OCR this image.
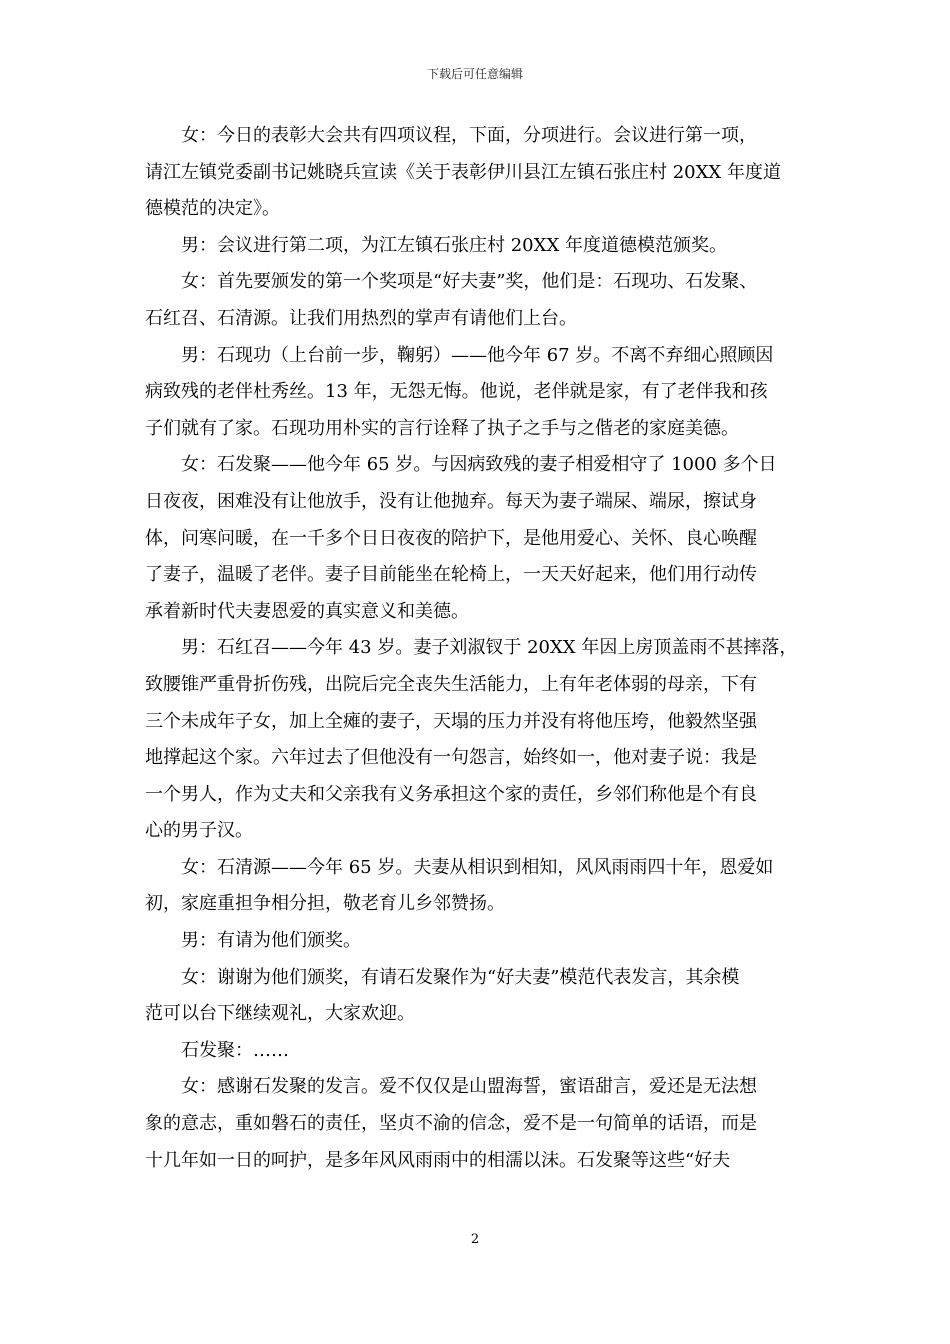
下载后可任意编辑
女：今日的表彰大会共有四项议程，下面，分项进行。会议进行第一项，
请江左镇党委副书记姚晓兵宣读《关于表彰伊川县江左镇石张庄村 20XX 年度道
德模范的决定》。
男：会议进行第二项，为江左镇石张庄村 20XX 年度道德模范颁奖。
女：首先要颁发的第一个奖项是“好夫妻”奖，他们是：石现功、石发聚、
石红召、石清源。让我们用热烈的掌声有请他们上台。
男：石现功（上台前一步，鞠躬）——他今年 67 岁。不离不弃细心照顾因
病致残的老伴杜秀丝。13 年，无怨无悔。他说，老伴就是家，有了老伴我和孩
子们就有了家。石现功用朴实的言行诠释了执子之手与之偕老的家庭美德。
女：石发聚——他今年 65 岁。与因病致残的妻子相爱相守了 1000 多个日
日夜夜，困难没有让他放手，没有让他抛弃。每天为妻子端屎、端尿，擦试身
体，问寒问暖，在一千多个日日夜夜的陪护下，是他用爱心、关怀、良心唤醒
了妻子，温暖了老伴。妻子目前能坐在轮椅上，一天天好起来，他们用行动传
承着新时代夫妻恩爱的真实意义和美德。
男：石红召——今年 43 岁。妻子刘淑钗于 20XX 年因上房顶盖雨不甚摔落，
致腰锥严重骨折伤残，出院后完全丧失生活能力，上有年老体弱的母亲，下有
三个未成年子女，加上全瘫的妻子，天塌的压力并没有将他压垮，他毅然坚强
地撑起这个家。六年过去了但他没有一句怨言，始终如一，他对妻子说：我是
一个男人，作为丈夫和父亲我有义务承担这个家的责任，乡邻们称他是个有良
心的男子汉。
女：石清源——今年 65 岁。夫妻从相识到相知，风风雨雨四十年，恩爱如
初，家庭重担争相分担，敬老育儿乡邻赞扬。
男：有请为他们颁奖。
女：谢谢为他们颁奖，有请石发聚作为“好夫妻”模范代表发言，其余模
范可以台下继续观礼，大家欢迎。
石发聚：……
女：感谢石发聚的发言。爱不仅仅是山盟海誓，蜜语甜言，爱还是无法想
象的意志，重如磐石的责任，坚贞不渝的信念，爱不是一句简单的话语，而是
十几年如一日的呵护，是多年风风雨雨中的相濡以沫。石发聚等这些“好夫
2
